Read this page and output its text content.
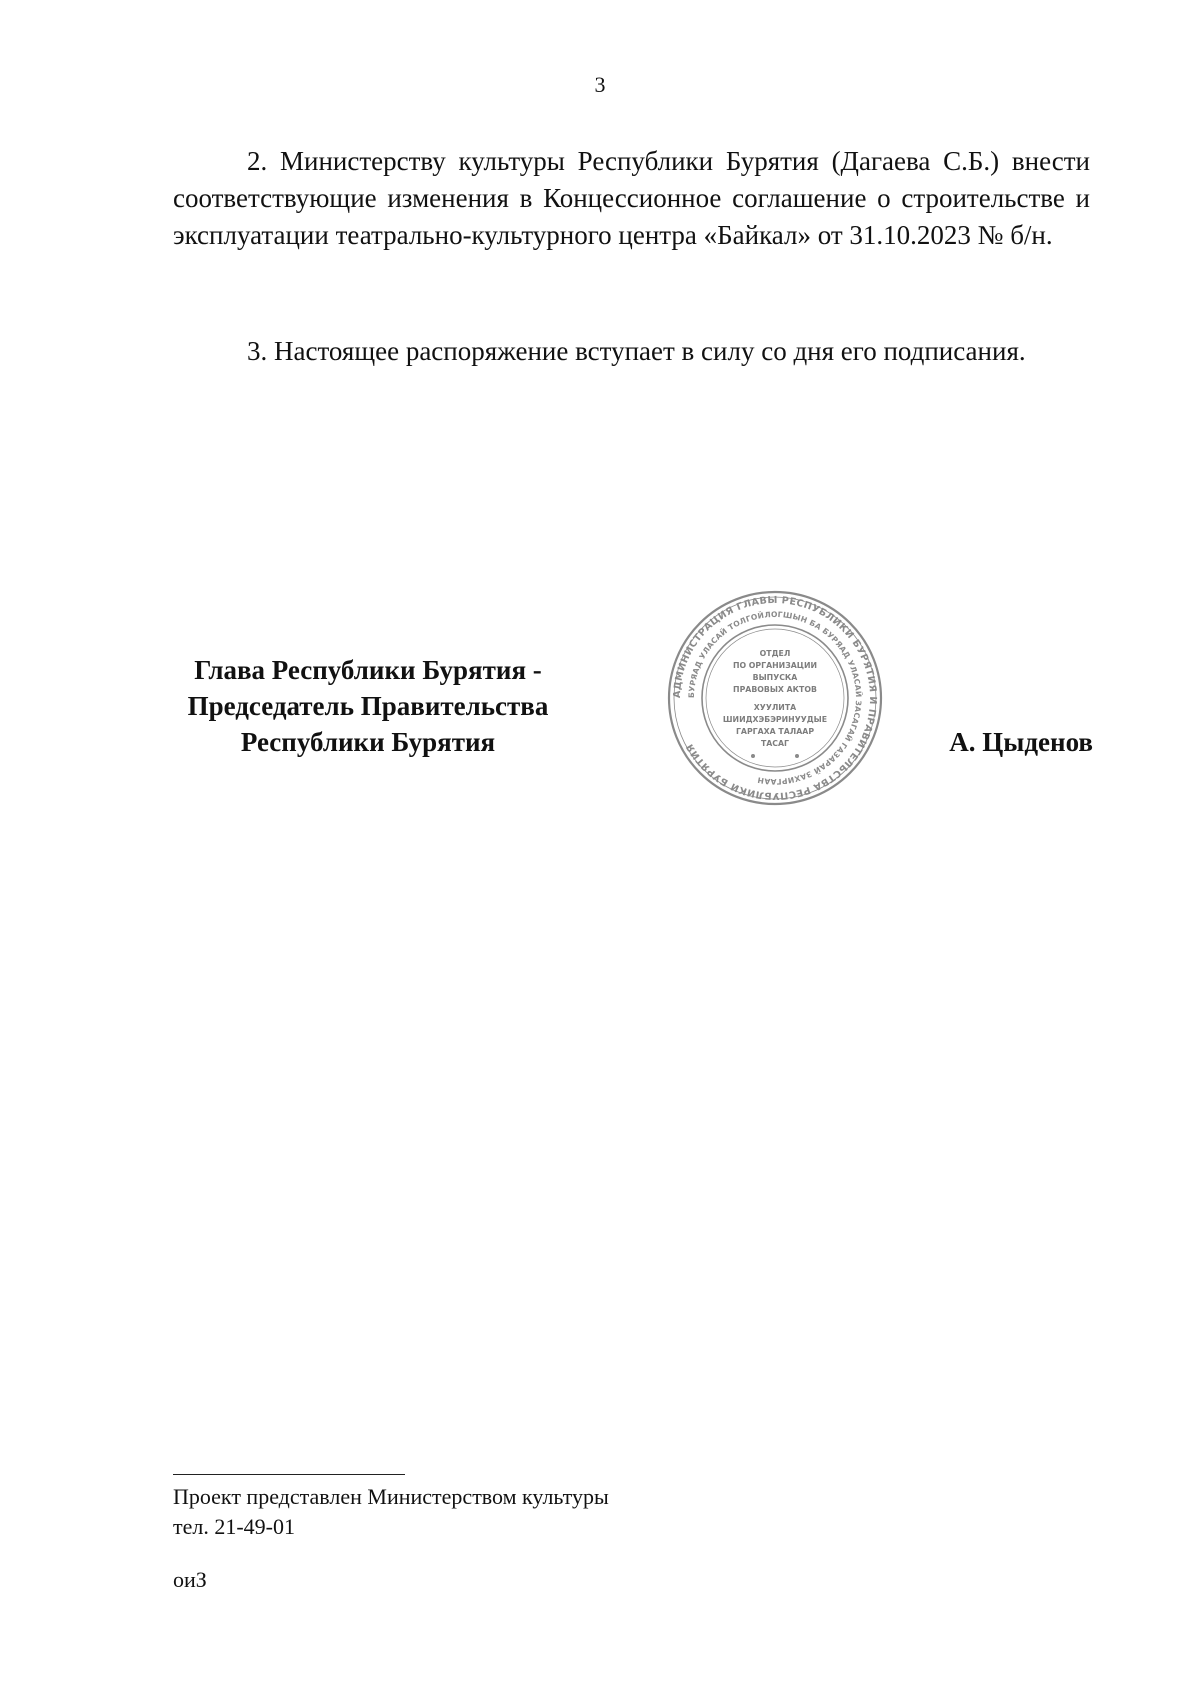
3

2. Министерству культуры Республики Бурятия (Дагаева С.Б.) внести соответствующие изменения в Концессионное соглашение о строительстве и эксплуатации театрально-культурного центра «Байкал» от 31.10.2023 № б/н.

3. Настоящее распоряжение вступает в силу со дня его подписания.

Глава Республики Бурятия -
Председатель Правительства
Республики Бурятия
АДМИНИСТРАЦИЯ ГЛАВЫ РЕСПУБЛИКИ БУРЯТИЯ И ПРАВИТЕЛЬСТВА РЕСПУБЛИКИ БУРЯТИЯ
БУРЯАД УЛАСАЙ ТОЛГОЙЛОГШЫН БА БУРЯАД УЛАСАЙ ЗАСАГАЙ ГАЗАРАЙ ЗАХИРГААН
ОТДЕЛ
ПО ОРГАНИЗАЦИИ
ВЫПУСКА
ПРАВОВЫХ АКТОВ
ХУУЛИТА
ШИИДХЭБЭРИНУУДЫЕ
ГАРГАХА ТАЛААР
ТАСАГ	А. Цыденов
Проект представлен Министерством культуры
тел. 21-49-01
оиЗ
